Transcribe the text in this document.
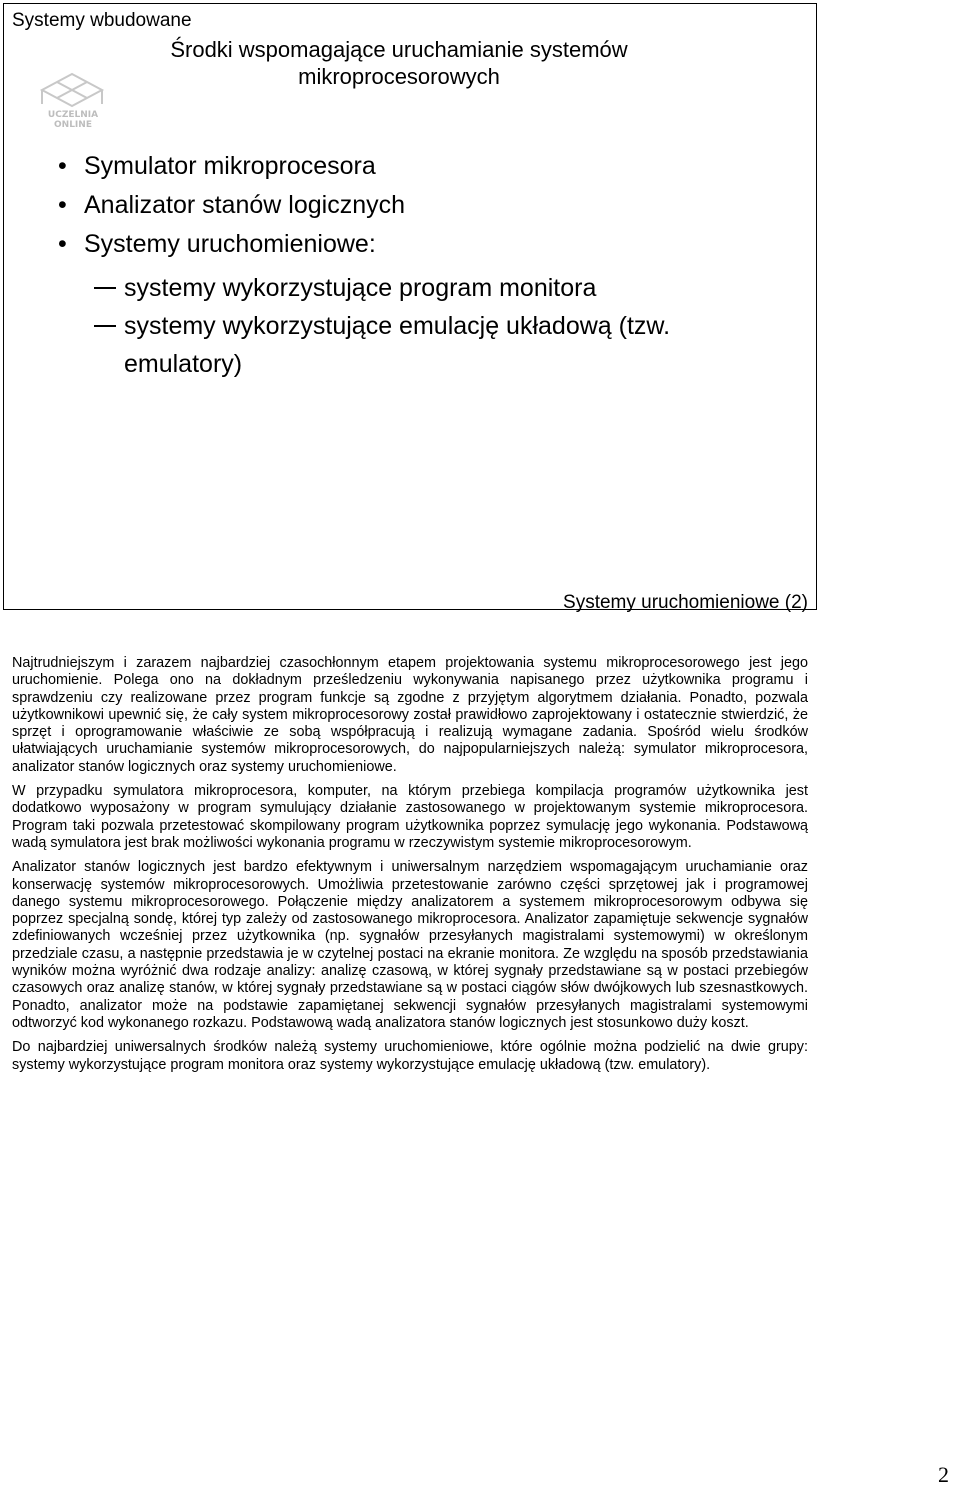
Systemy wbudowane
Środki wspomagające uruchamianie systemów
mikroprocesorowych
UCZELNIA ONLINE
• Symulator mikroprocesora
• Analizator stanów logicznych
• Systemy uruchomieniowe:
systemy wykorzystujące program monitora
systemy wykorzystujące emulację układową (tzw. emulatory)
Systemy uruchomieniowe (2)

Najtrudniejszym i zarazem najbardziej czasochłonnym etapem projektowania systemu mikroprocesorowego jest jego uruchomienie. Polega ono na dokładnym prześledzeniu wykonywania napisanego przez użytkownika programu i sprawdzeniu czy realizowane przez program funkcje są zgodne z przyjętym algorytmem działania. Ponadto, pozwala użytkownikowi upewnić się, że cały system mikroprocesorowy został prawidłowo zaprojektowany i ostatecznie stwierdzić, że sprzęt i oprogramowanie właściwie ze sobą współpracują i realizują wymagane zadania. Spośród wielu środków ułatwiających uruchamianie systemów mikroprocesorowych, do najpopularniejszych należą: symulator mikroprocesora, analizator stanów logicznych oraz systemy uruchomieniowe.

W przypadku symulatora mikroprocesora, komputer, na którym przebiega kompilacja programów użytkownika jest dodatkowo wyposażony w program symulujący działanie zastosowanego w projektowanym systemie mikroprocesora. Program taki pozwala przetestować skompilowany program użytkownika poprzez symulację jego wykonania. Podstawową wadą symulatora jest brak możliwości wykonania programu w rzeczywistym systemie mikroprocesorowym.

Analizator stanów logicznych jest bardzo efektywnym i uniwersalnym narzędziem wspomagającym uruchamianie oraz konserwację systemów mikroprocesorowych. Umożliwia przetestowanie zarówno części sprzętowej jak i programowej danego systemu mikroprocesorowego. Połączenie między analizatorem a systemem mikroprocesorowym odbywa się poprzez specjalną sondę, której typ zależy od zastosowanego mikroprocesora. Analizator zapamiętuje sekwencje sygnałów zdefiniowanych wcześniej przez użytkownika (np. sygnałów przesyłanych magistralami systemowymi) w określonym przedziale czasu, a następnie przedstawia je w czytelnej postaci na ekranie monitora. Ze względu na sposób przedstawiania wyników można wyróżnić dwa rodzaje analizy: analizę czasową, w której sygnały przedstawiane są w postaci przebiegów czasowych oraz analizę stanów, w której sygnały przedstawiane są w postaci ciągów słów dwójkowych lub szesnastkowych. Ponadto, analizator może na podstawie zapamiętanej sekwencji sygnałów przesyłanych magistralami systemowymi odtworzyć kod wykonanego rozkazu. Podstawową wadą analizatora stanów logicznych jest stosunkowo duży koszt.

Do najbardziej uniwersalnych środków należą systemy uruchomieniowe, które ogólnie można podzielić na dwie grupy: systemy wykorzystujące program monitora oraz systemy wykorzystujące emulację układową (tzw. emulatory).

2
